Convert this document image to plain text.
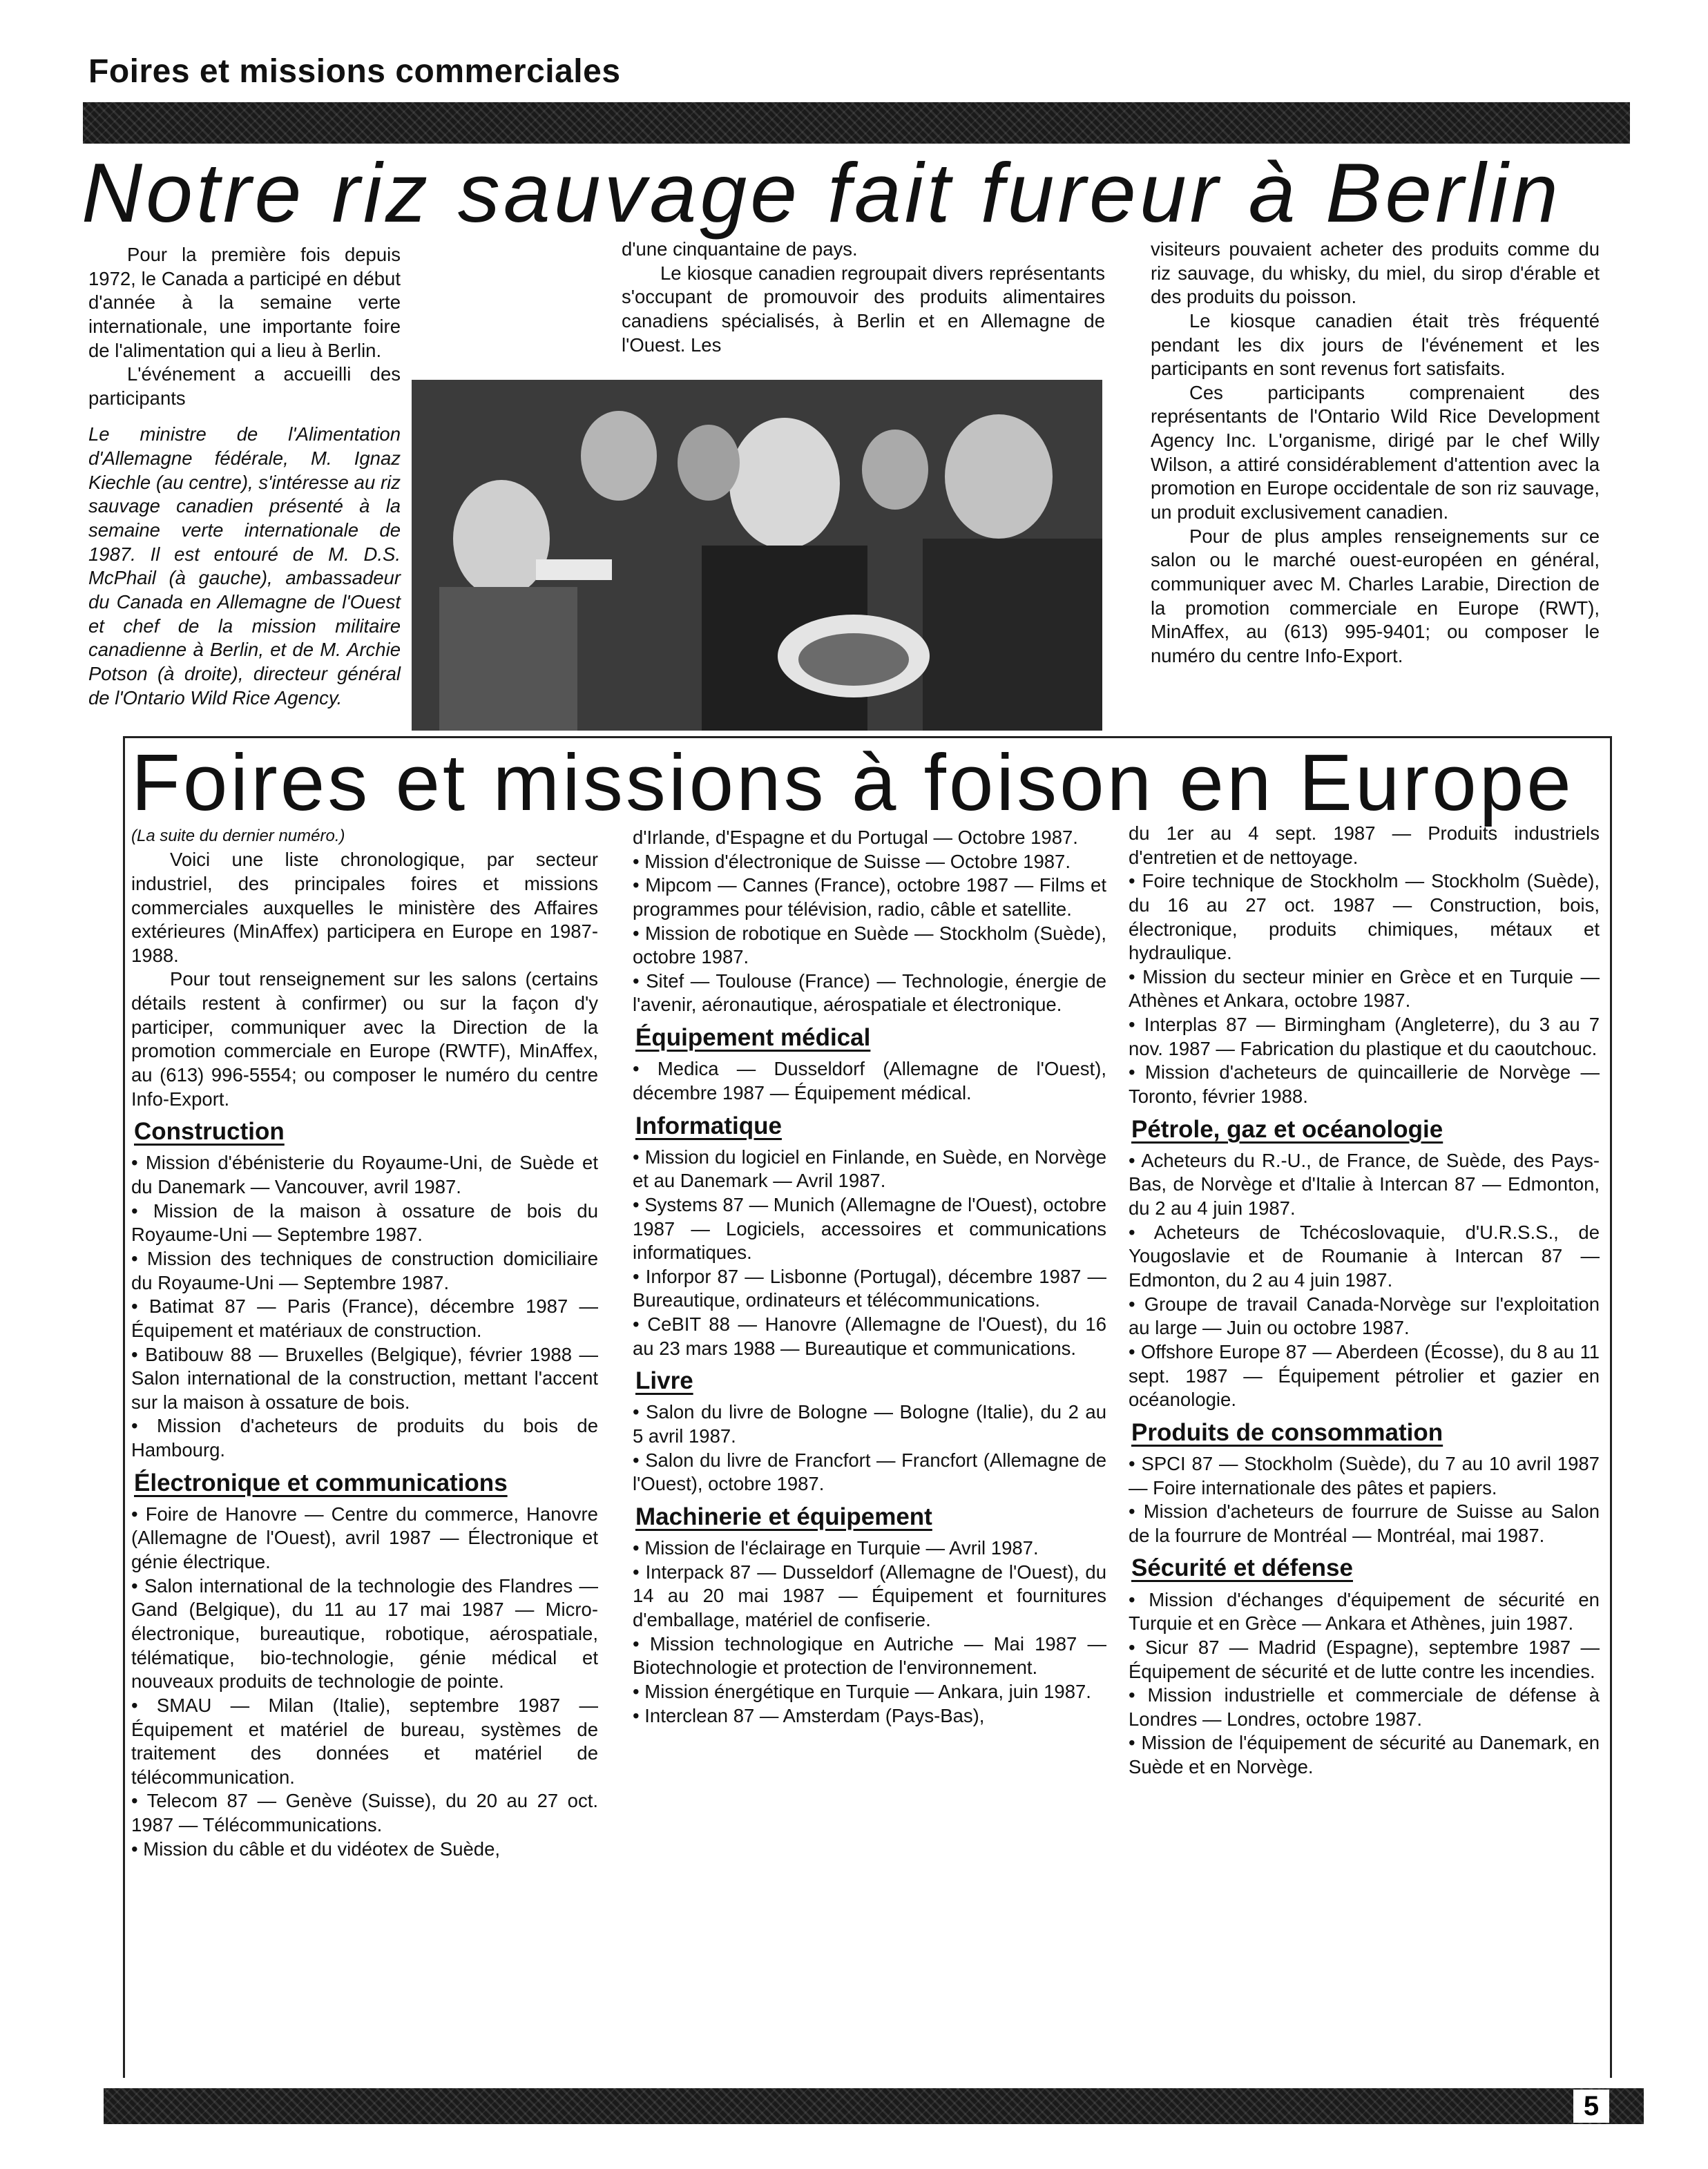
Foires et missions commerciales
Notre riz sauvage fait fureur à Berlin

Pour la première fois depuis 1972, le Canada a participé en début d'année à la semaine verte internationale, une importante foire de l'alimentation qui a lieu à Berlin.

L'événement a accueilli des participants

Le ministre de l'Alimentation d'Allemagne fédérale, M. Ignaz Kiechle (au centre), s'intéresse au riz sauvage canadien présenté à la semaine verte internationale de 1987. Il est entouré de M. D.S. McPhail (à gauche), ambassadeur du Canada en Allemagne de l'Ouest et chef de la mission militaire canadienne à Berlin, et de M. Archie Potson (à droite), directeur général de l'Ontario Wild Rice Agency.

d'une cinquantaine de pays.

Le kiosque canadien regroupait divers représentants s'occupant de promouvoir des produits alimentaires canadiens spécialisés, à Berlin et en Allemagne de l'Ouest. Les

visiteurs pouvaient acheter des produits comme du riz sauvage, du whisky, du miel, du sirop d'érable et des produits du poisson.

Le kiosque canadien était très fréquenté pendant les dix jours de l'événement et les participants en sont revenus fort satisfaits.

Ces participants comprenaient des représentants de l'Ontario Wild Rice Development Agency Inc. L'organisme, dirigé par le chef Willy Wilson, a attiré considérablement d'attention avec la promotion en Europe occidentale de son riz sauvage, un produit exclusivement canadien.

Pour de plus amples renseignements sur ce salon ou le marché ouest-européen en général, communiquer avec M. Charles Larabie, Direction de la promotion commerciale en Europe (RWT), MinAffex, au (613) 995-9401; ou composer le numéro du centre Info-Export.

Foires et missions à foison en Europe
(La suite du dernier numéro.)

Voici une liste chronologique, par secteur industriel, des principales foires et missions commerciales auxquelles le ministère des Affaires extérieures (MinAffex) participera en Europe en 1987-1988.

Pour tout renseignement sur les salons (certains détails restent à confirmer) ou sur la façon d'y participer, communiquer avec la Direction de la promotion commerciale en Europe (RWTF), MinAffex, au (613) 996-5554; ou composer le numéro du centre Info-Export.

Construction
• Mission d'ébénisterie du Royaume-Uni, de Suède et du Danemark — Vancouver, avril 1987.
• Mission de la maison à ossature de bois du Royaume-Uni — Septembre 1987.
• Mission des techniques de construction domiciliaire du Royaume-Uni — Septembre 1987.
• Batimat 87 — Paris (France), décembre 1987 — Équipement et matériaux de construction.
• Batibouw 88 — Bruxelles (Belgique), février 1988 — Salon international de la construction, mettant l'accent sur la maison à ossature de bois.
• Mission d'acheteurs de produits du bois de Hambourg.
Électronique et communications
• Foire de Hanovre — Centre du commerce, Hanovre (Allemagne de l'Ouest), avril 1987 — Électronique et génie électrique.
• Salon international de la technologie des Flandres — Gand (Belgique), du 11 au 17 mai 1987 — Micro-électronique, bureautique, robotique, aérospatiale, télématique, bio-technologie, génie médical et nouveaux produits de technologie de pointe.
• SMAU — Milan (Italie), septembre 1987 — Équipement et matériel de bureau, systèmes de traitement des données et matériel de télécommunication.
• Telecom 87 — Genève (Suisse), du 20 au 27 oct. 1987 — Télécommunications.
• Mission du câble et du vidéotex de Suède,

d'Irlande, d'Espagne et du Portugal — Octobre 1987.

• Mission d'électronique de Suisse — Octobre 1987.
• Mipcom — Cannes (France), octobre 1987 — Films et programmes pour télévision, radio, câble et satellite.
• Mission de robotique en Suède — Stockholm (Suède), octobre 1987.
• Sitef — Toulouse (France) — Technologie, énergie de l'avenir, aéronautique, aérospatiale et électronique.
Équipement médical
• Medica — Dusseldorf (Allemagne de l'Ouest), décembre 1987 — Équipement médical.
Informatique
• Mission du logiciel en Finlande, en Suède, en Norvège et au Danemark — Avril 1987.
• Systems 87 — Munich (Allemagne de l'Ouest), octobre 1987 — Logiciels, accessoires et communications informatiques.
• Inforpor 87 — Lisbonne (Portugal), décembre 1987 — Bureautique, ordinateurs et télécommunications.
• CeBIT 88 — Hanovre (Allemagne de l'Ouest), du 16 au 23 mars 1988 — Bureautique et communications.
Livre
• Salon du livre de Bologne — Bologne (Italie), du 2 au 5 avril 1987.
• Salon du livre de Francfort — Francfort (Allemagne de l'Ouest), octobre 1987.
Machinerie et équipement
• Mission de l'éclairage en Turquie — Avril 1987.
• Interpack 87 — Dusseldorf (Allemagne de l'Ouest), du 14 au 20 mai 1987 — Équipement et fournitures d'emballage, matériel de confiserie.
• Mission technologique en Autriche — Mai 1987 — Biotechnologie et protection de l'environnement.
• Mission énergétique en Turquie — Ankara, juin 1987.
• Interclean 87 — Amsterdam (Pays-Bas),

du 1er au 4 sept. 1987 — Produits industriels d'entretien et de nettoyage.

• Foire technique de Stockholm — Stockholm (Suède), du 16 au 27 oct. 1987 — Construction, bois, électronique, produits chimiques, métaux et hydraulique.
• Mission du secteur minier en Grèce et en Turquie — Athènes et Ankara, octobre 1987.
• Interplas 87 — Birmingham (Angleterre), du 3 au 7 nov. 1987 — Fabrication du plastique et du caoutchouc.
• Mission d'acheteurs de quincaillerie de Norvège — Toronto, février 1988.
Pétrole, gaz et océanologie
• Acheteurs du R.-U., de France, de Suède, des Pays-Bas, de Norvège et d'Italie à Intercan 87 — Edmonton, du 2 au 4 juin 1987.
• Acheteurs de Tchécoslovaquie, d'U.R.S.S., de Yougoslavie et de Roumanie à Intercan 87 — Edmonton, du 2 au 4 juin 1987.
• Groupe de travail Canada-Norvège sur l'exploitation au large — Juin ou octobre 1987.
• Offshore Europe 87 — Aberdeen (Écosse), du 8 au 11 sept. 1987 — Équipement pétrolier et gazier en océanologie.
Produits de consommation
• SPCI 87 — Stockholm (Suède), du 7 au 10 avril 1987 — Foire internationale des pâtes et papiers.
• Mission d'acheteurs de fourrure de Suisse au Salon de la fourrure de Montréal — Montréal, mai 1987.
Sécurité et défense
• Mission d'échanges d'équipement de sécurité en Turquie et en Grèce — Ankara et Athènes, juin 1987.
• Sicur 87 — Madrid (Espagne), septembre 1987 — Équipement de sécurité et de lutte contre les incendies.
• Mission industrielle et commerciale de défense à Londres — Londres, octobre 1987.
• Mission de l'équipement de sécurité au Danemark, en Suède et en Norvège.
5
